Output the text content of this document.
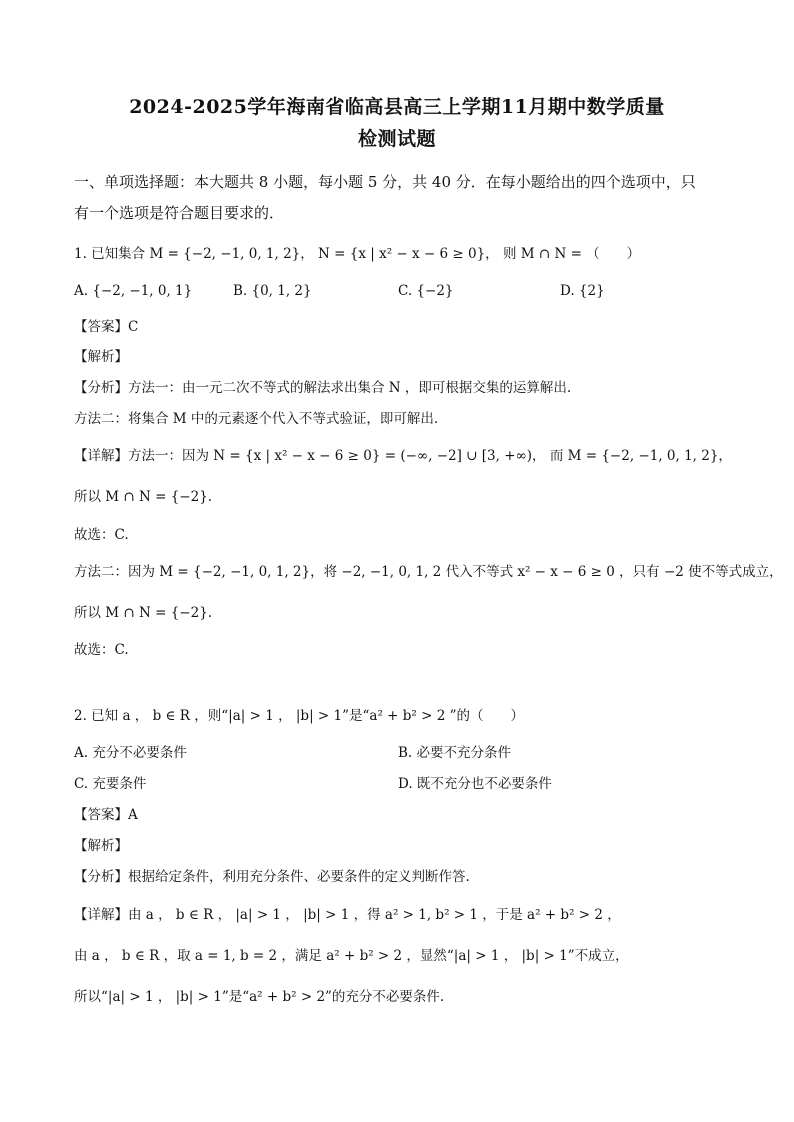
2024-2025学年海南省临高县高三上学期11月期中数学质量
检测试题
一、单项选择题：本大题共 8 小题，每小题 5 分，共 40 分．在每小题给出的四个选项中，只
有一个选项是符合题目要求的．
1. 已知集合 M = {−2, −1, 0, 1, 2}， N = {x | x² − x − 6 ≥ 0}， 则 M ∩ N = （　　）
A. {−2, −1, 0, 1}	B. {0, 1, 2}	C. {−2}	D. {2}
【答案】C
【解析】
【分析】方法一：由一元二次不等式的解法求出集合 N ，即可根据交集的运算解出.
方法二：将集合 M 中的元素逐个代入不等式验证，即可解出.
【详解】方法一：因为 N = {x | x² − x − 6 ≥ 0} = (−∞, −2] ∪ [3, +∞)， 而 M = {−2, −1, 0, 1, 2}，
所以 M ∩ N = {−2}.
故选：C.
方法二：因为 M = {−2, −1, 0, 1, 2}，将 −2, −1, 0, 1, 2 代入不等式 x² − x − 6 ≥ 0 ，只有 −2 使不等式成立，
所以 M ∩ N = {−2}.
故选：C.
2. 已知 a ， b ∈ R ，则“|a| > 1 ， |b| > 1”是“a² + b² > 2 ”的（　　）
A. 充分不必要条件	B. 必要不充分条件
C. 充要条件	D. 既不充分也不必要条件
【答案】A
【解析】
【分析】根据给定条件，利用充分条件、必要条件的定义判断作答.
【详解】由 a ， b ∈ R ， |a| > 1 ， |b| > 1 ，得 a² > 1, b² > 1 ，于是 a² + b² > 2 ，
由 a ， b ∈ R ，取 a = 1, b = 2 ，满足 a² + b² > 2 ，显然“|a| > 1 ， |b| > 1”不成立，
所以“|a| > 1 ， |b| > 1”是“a² + b² > 2”的充分不必要条件.
